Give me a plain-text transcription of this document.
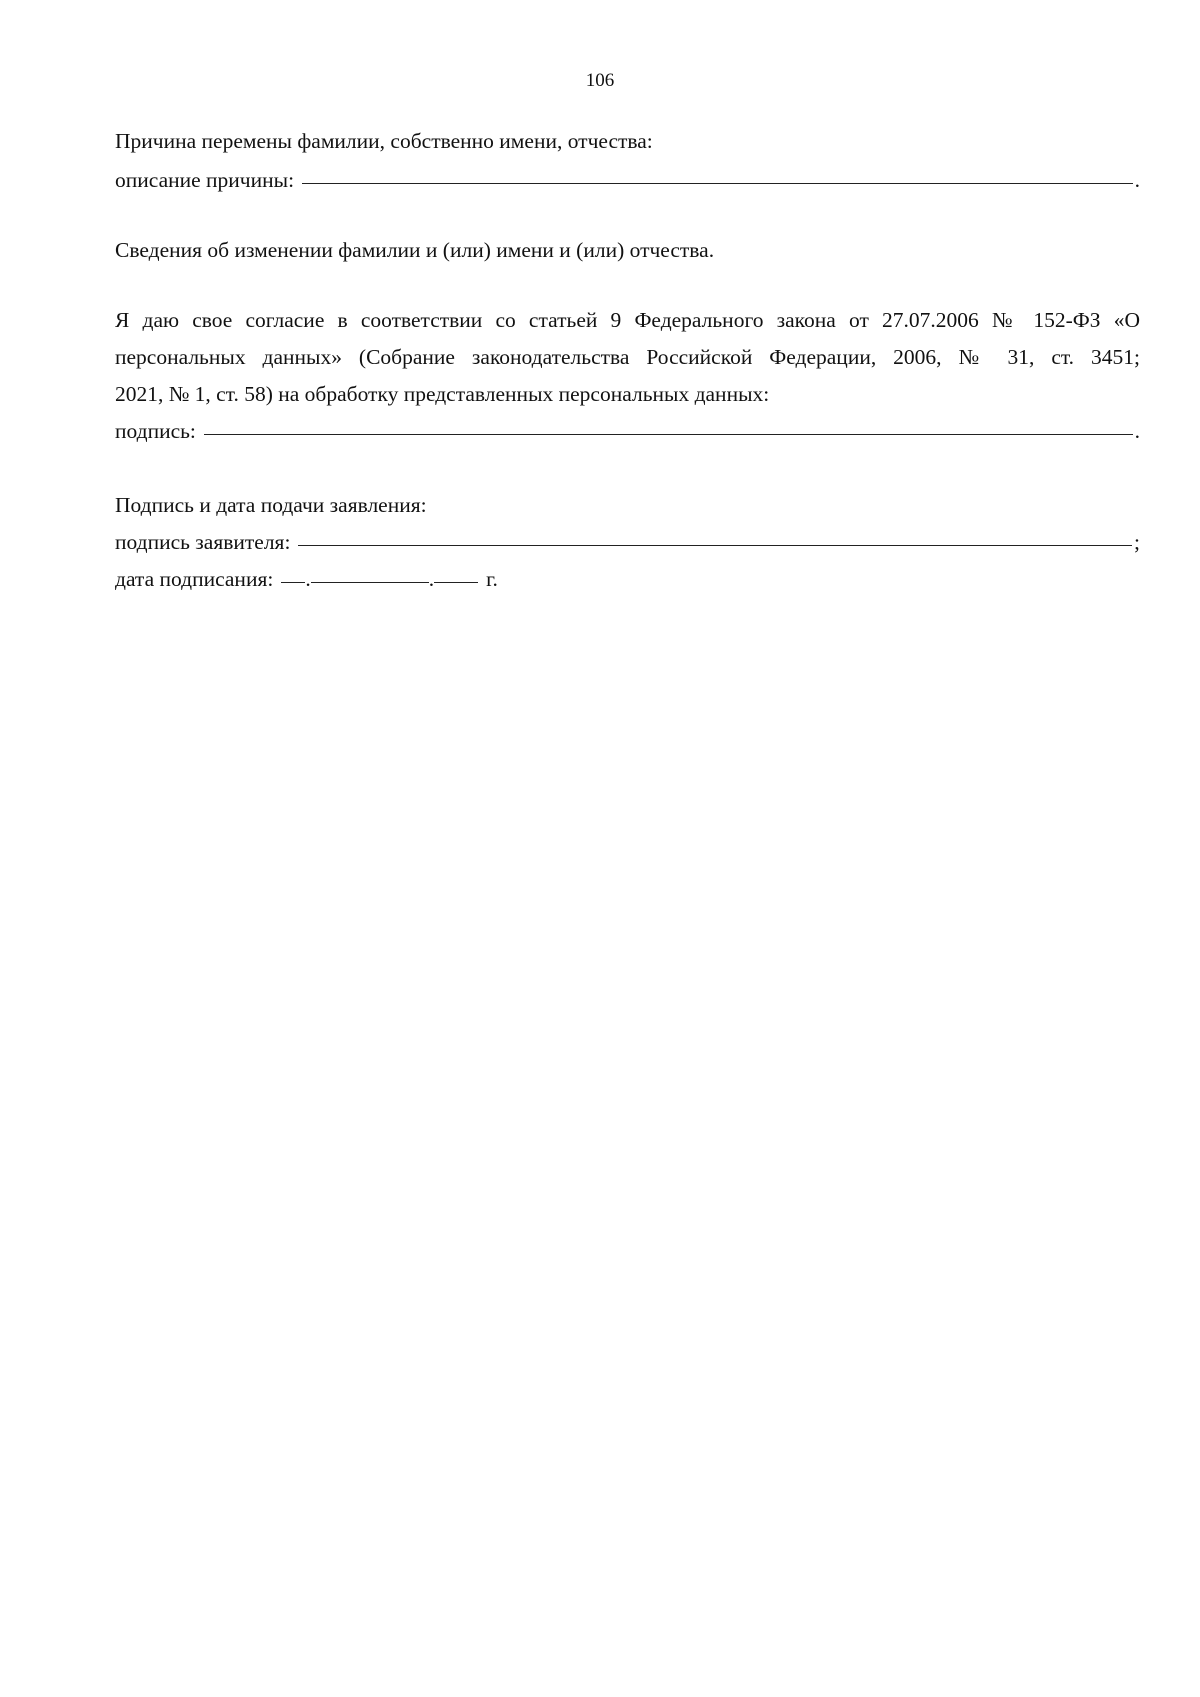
106
Причина перемены фамилии, собственно имени, отчества:
описание причины:	.
Сведения об изменении фамилии и (или) имени и (или) отчества.
Я даю свое согласие в соответствии со статьей 9 Федерального закона от 27.07.2006 № 152-ФЗ «О
персональных данных» (Собрание законодательства Российской Федерации, 2006, № 31, ст. 3451;
2021, № 1, ст. 58) на обработку представленных персональных данных:
подпись:	.
Подпись и дата подачи заявления:
подпись заявителя:	;
дата подписания: .	. г.
